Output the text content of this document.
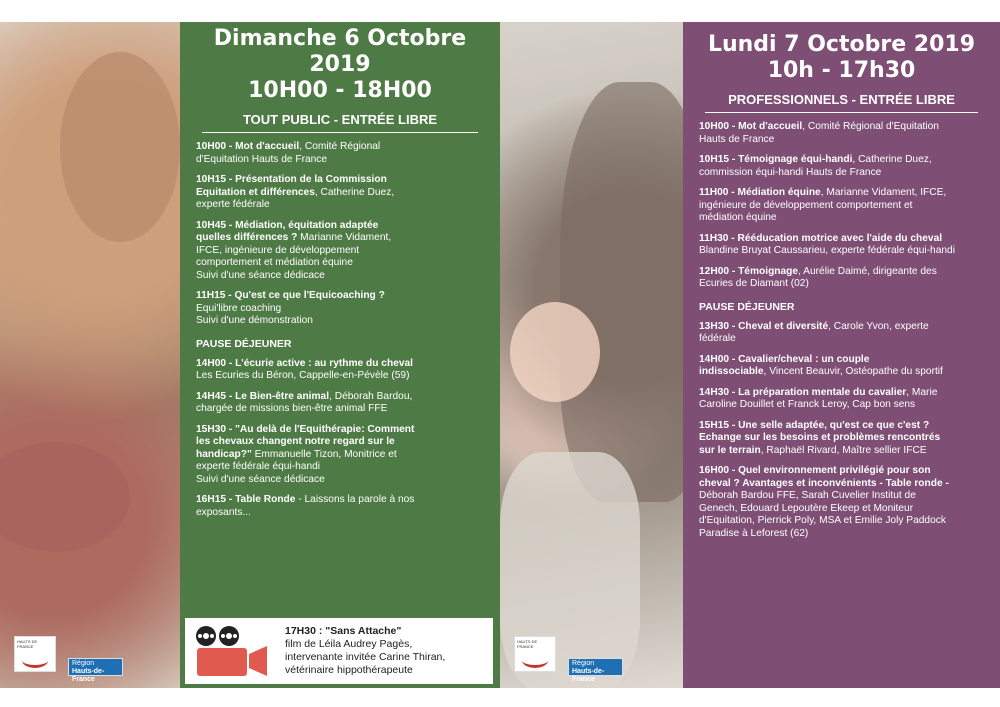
HAUTS DE FRANCE
Région
Hauts-de-France
Dimanche 6 Octobre 2019
10H00 - 18H00
TOUT PUBLIC - ENTRÉE LIBRE
10H00 - Mot d'accueil, Comité Régional
d'Equitation Hauts de France
10H15 - Présentation de la Commission
Equitation et différences, Catherine Duez,
experte fédérale
10H45 - Médiation, équitation adaptée
quelles différences ? Marianne Vidament,
IFCE, ingénieure de développement
comportement et médiation équine
Suivi d'une séance dédicace
11H15 - Qu'est ce que l'Equicoaching ?
Equi'libre coaching
Suivi d'une démonstration
PAUSE DÉJEUNER
14H00 - L'écurie active : au rythme du cheval
Les Ecuries du Béron, Cappelle-en-Pévèle (59)
14H45 - Le Bien-être animal, Déborah Bardou,
chargée de missions bien-être animal FFE
15H30 - "Au delà de l'Equithérapie: Comment
les chevaux changent notre regard sur le
handicap?" Emmanuelle Tizon, Monitrice et
experte fédérale équi-handi
Suivi d'une séance dédicace
16H15 - Table Ronde - Laissons la parole à nos
exposants...
17H30 : "Sans Attache"
film de Léila Audrey Pagès,
intervenante invitée Carine Thiran,
vétérinaire hippothérapeute
HAUTS DE FRANCE
Région
Hauts-de-France
Lundi 7 Octobre 2019
10h - 17h30
PROFESSIONNELS - ENTRÉE LIBRE
10H00 - Mot d'accueil, Comité Régional d'Equitation
Hauts de France
10H15 - Témoignage équi-handi, Catherine Duez,
commission équi-handi Hauts de France
11H00 - Médiation équine, Marianne Vidament, IFCE,
ingénieure de développement comportement et
médiation équine
11H30 - Rééducation motrice avec l'aide du cheval
Blandine Bruyat Caussarieu, experte fédérale équi-handi
12H00 - Témoignage, Aurélie Daimé, dirigeante des
Ecuries de Diamant (02)
PAUSE DÉJEUNER
13H30 - Cheval et diversité, Carole Yvon, experte
fédérale
14H00 - Cavalier/cheval : un couple
indissociable, Vincent Beauvir, Ostéopathe du sportif
14H30 - La préparation mentale du cavalier, Marie
Caroline Douillet et Franck Leroy, Cap bon sens
15H15 - Une selle adaptée, qu'est ce que c'est ?
Echange sur les besoins et problèmes rencontrés
sur le terrain, Raphaël Rivard, Maître sellier IFCE
16H00 - Quel environnement privilégié pour son
cheval ? Avantages et inconvénients - Table ronde -
Déborah Bardou FFE, Sarah Cuvelier Institut de
Genech, Edouard Lepoutère Ekeep et Moniteur
d'Equitation, Pierrick Poly, MSA et Emilie Joly Paddock
Paradise à Leforest (62)
